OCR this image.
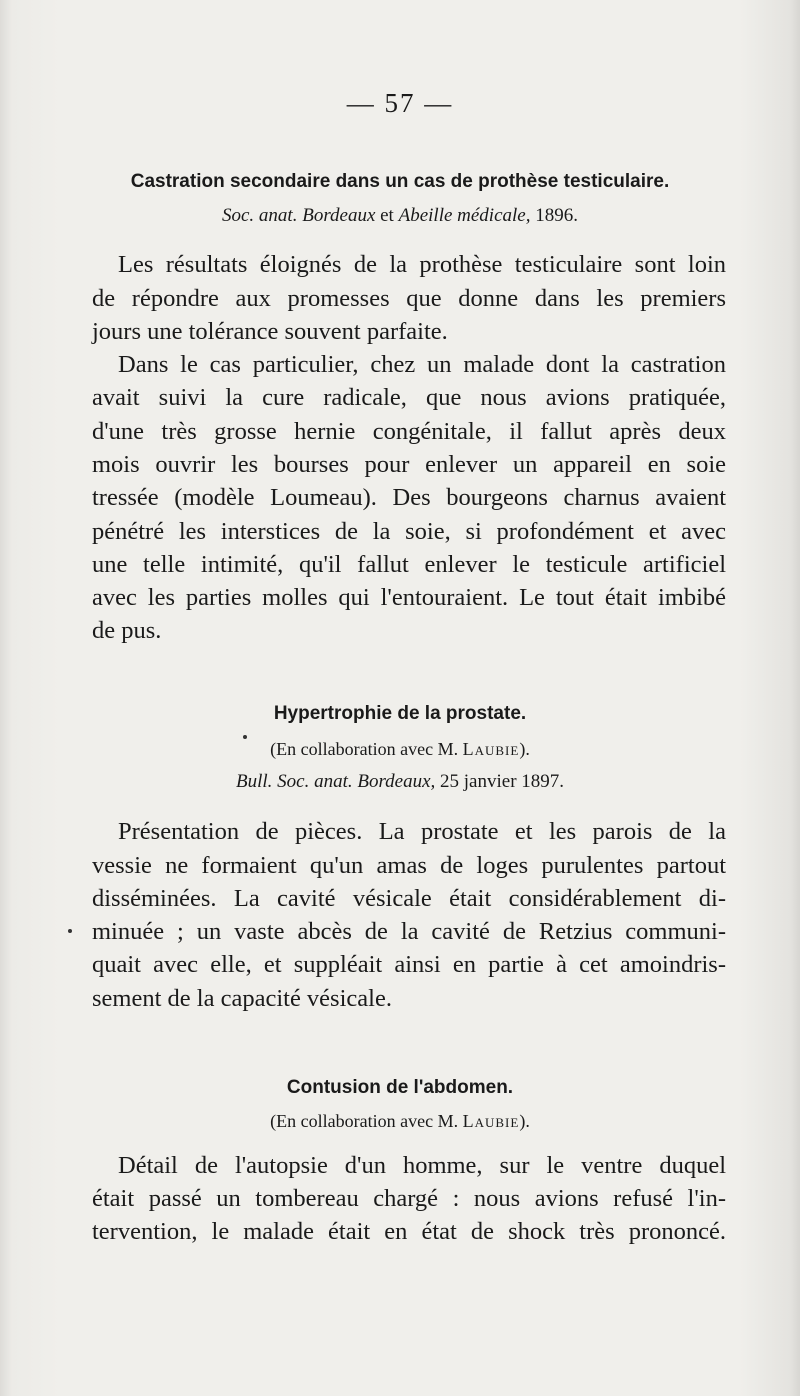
— 57 —
Castration secondaire dans un cas de prothèse testiculaire.
Soc. anat. Bordeaux et Abeille médicale, 1896.
Les résultats éloignés de la prothèse testiculaire sont loin
de répondre aux promesses que donne dans les premiers
jours une tolérance souvent parfaite.
Dans le cas particulier, chez un malade dont la castration
avait suivi la cure radicale, que nous avions pratiquée,
d'une très grosse hernie congénitale, il fallut après deux
mois ouvrir les bourses pour enlever un appareil en soie
tressée (modèle Loumeau). Des bourgeons charnus avaient
pénétré les interstices de la soie, si profondément et avec
une telle intimité, qu'il fallut enlever le testicule artificiel
avec les parties molles qui l'entouraient. Le tout était imbibé
de pus.
Hypertrophie de la prostate.
(En collaboration avec M. Laubie).
Bull. Soc. anat. Bordeaux, 25 janvier 1897.
Présentation de pièces. La prostate et les parois de la
vessie ne formaient qu'un amas de loges purulentes partout
disséminées. La cavité vésicale était considérablement di-
minuée ; un vaste abcès de la cavité de Retzius communi-
quait avec elle, et suppléait ainsi en partie à cet amoindris-
sement de la capacité vésicale.
Contusion de l'abdomen.
(En collaboration avec M. Laubie).
Détail de l'autopsie d'un homme, sur le ventre duquel
était passé un tombereau chargé : nous avions refusé l'in-
tervention, le malade était en état de shock très prononcé.
